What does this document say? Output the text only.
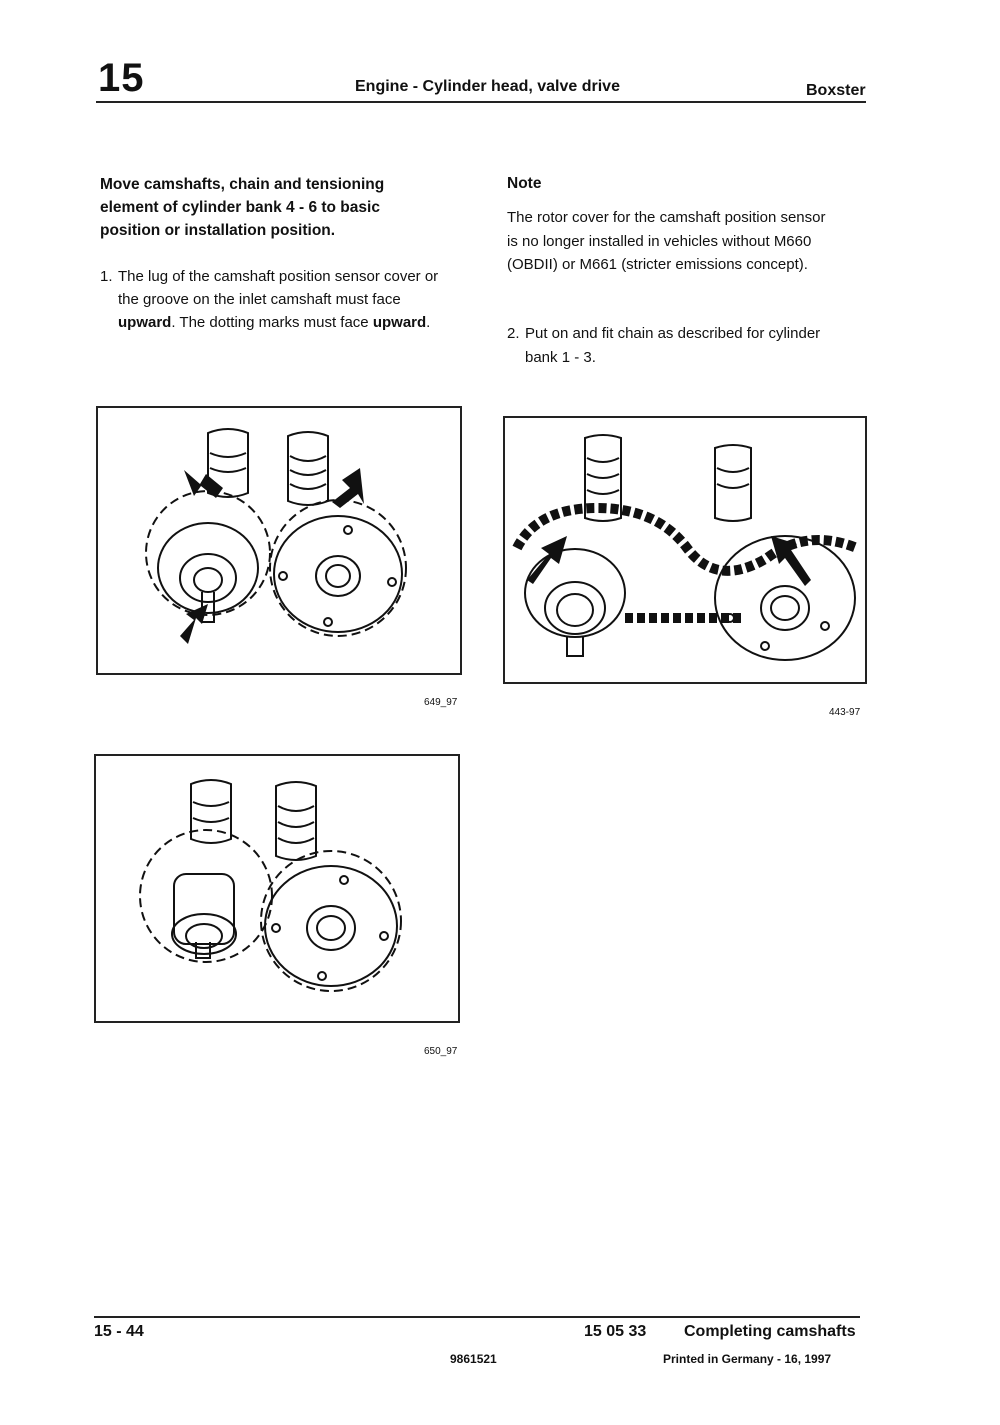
15	Engine - Cylinder head, valve drive	Boxster
Move camshafts, chain and tensioning element of cylinder bank 4 - 6 to basic position or installation position.
1. The lug of the camshaft position sensor cover or the groove on the inlet camshaft must face upward. The dotting marks must face upward.
Note
The rotor cover for the camshaft position sensor is no longer installed in vehicles without M660 (OBDII) or M661 (stricter emissions concept).
2. Put on and fit chain as described for cylinder bank 1 - 3.
649_97
443-97
650_97
15 - 44	15 05 33 Completing camshafts
9861521	Printed in Germany - 16, 1997
